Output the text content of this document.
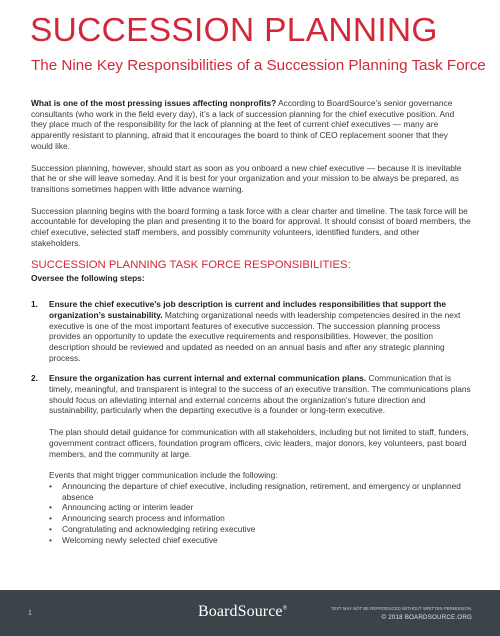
SUCCESSION PLANNING
The Nine Key Responsibilities of a Succession Planning Task Force

What is one of the most pressing issues affecting nonprofits? According to BoardSource’s senior governance consultants (who work in the field every day), it’s a lack of succession planning for the chief executive position. And they place much of the responsibility for the lack of planning at the feet of current chief executives — many are apparently resistant to planning, afraid that it encourages the board to think of CEO replacement sooner that they would like.

Succession planning, however, should start as soon as you onboard a new chief executive — because it is inevitable that he or she will leave someday. And it is best for your organization and your mission to be always be prepared, as transitions sometimes happen with little advance warning.

Succession planning begins with the board forming a task force with a clear charter and timeline. The task force will be accountable for developing the plan and presenting it to the board for approval. It should consist of board members, the chief executive, selected staff members, and possibly community volunteers, identified funders, and other stakeholders.

SUCCESSION PLANNING TASK FORCE RESPONSIBILITIES:
Oversee the following steps:
1. Ensure the chief executive’s job description is current and includes responsibilities that support the organization’s sustainability. Matching organizational needs with leadership competencies desired in the next executive is one of the most important features of executive succession. The succession planning process provides an opportunity to update the executive requirements and responsibilities. However, the position description should be reviewed and updated as needed on an annual basis and after any strategic planning process.

2. Ensure the organization has current internal and external communication plans. Communication that is timely, meaningful, and transparent is integral to the success of an executive transition. The communications plans should focus on alleviating internal and external concerns about the organization’s future direction and sustainability, particularly when the departing executive is a founder or long-term executive.

The plan should detail guidance for communication with all stakeholders, including but not limited to staff, funders, government contract officers, foundation program officers, civic leaders, major donors, key volunteers, past board members, and the community at large.

Events that might trigger communication include the following:

• Announcing the departure of chief executive, including resignation, retirement, and emergency or unplanned absence
• Announcing acting or interim leader
• Announcing search process and information
• Congratulating and acknowledging retiring executive
• Welcoming newly selected chief executive
1	BoardSource®	TEXT MAY NOT BE REPRODUCED WITHOUT WRITTEN PERMISSION.
© 2018 BOARDSOURCE.ORG
